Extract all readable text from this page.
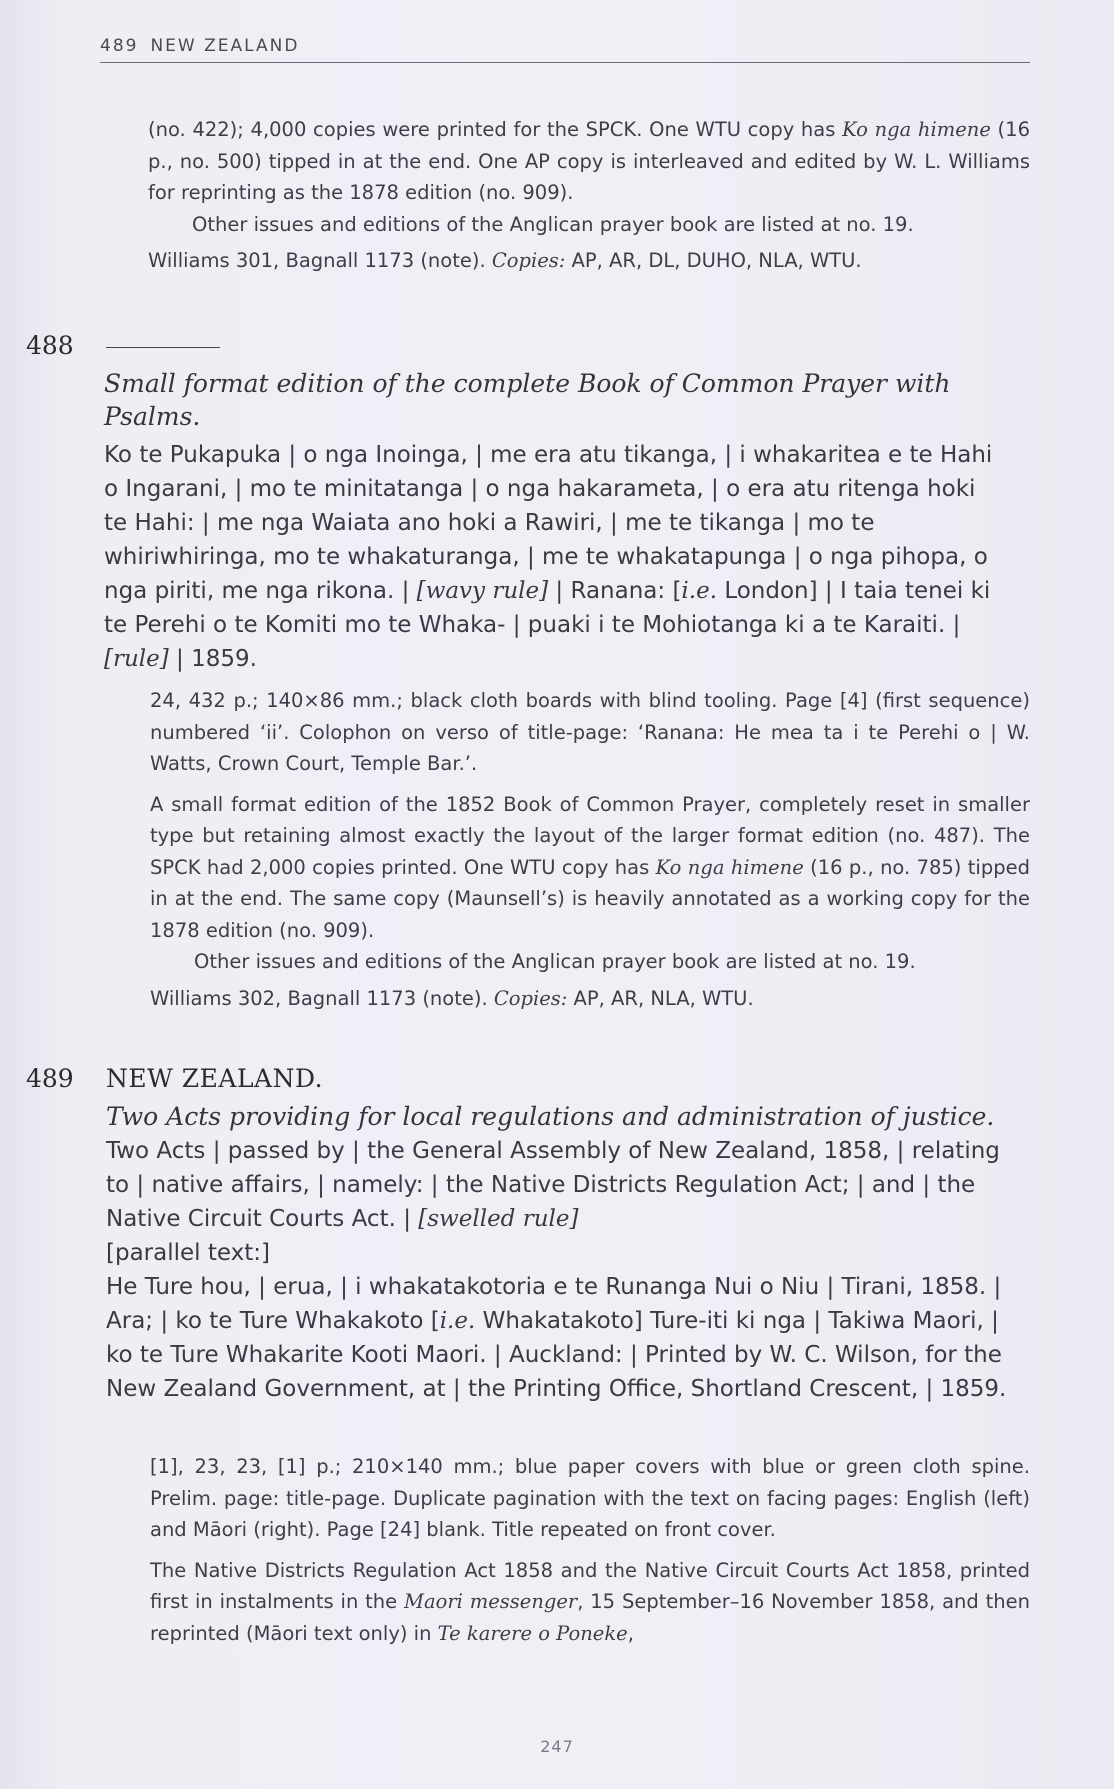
489 NEW ZEALAND

(no. 422); 4,000 copies were printed for the SPCK. One WTU copy has Ko nga himene (16 p., no. 500) tipped in at the end. One AP copy is interleaved and edited by W. L. Williams for reprinting as the 1878 edition (no. 909).

Other issues and editions of the Anglican prayer book are listed at no. 19.

Williams 301, Bagnall 1173 (note). Copies: AP, AR, DL, DUHO, NLA, WTU.

488

Small format edition of the complete Book of Common Prayer with Psalms.

Ko te Pukapuka | o nga Inoinga, | me era atu tikanga, | i whakaritea e te Hahi o Ingarani, | mo te minitatanga | o nga hakarameta, | o era atu ritenga hoki te Hahi: | me nga Waiata ano hoki a Rawiri, | me te tikanga | mo te whiriwhiringa, mo te whakaturanga, | me te whakatapunga | o nga pihopa, o nga piriti, me nga rikona. | [wavy rule] | Ranana: [i.e. London] | I taia tenei ki te Perehi o te Komiti mo te Whaka- | puaki i te Mohiotanga ki a te Karaiti. | [rule] | 1859.

24, 432 p.; 140×86 mm.; black cloth boards with blind tooling. Page [4] (first sequence) numbered ‘ii’. Colophon on verso of title-page: ‘Ranana: He mea ta i te Perehi o | W. Watts, Crown Court, Temple Bar.’.

A small format edition of the 1852 Book of Common Prayer, completely reset in smaller type but retaining almost exactly the layout of the larger format edition (no. 487). The SPCK had 2,000 copies printed. One WTU copy has Ko nga himene (16 p., no. 785) tipped in at the end. The same copy (Maunsell’s) is heavily annotated as a working copy for the 1878 edition (no. 909).

Other issues and editions of the Anglican prayer book are listed at no. 19.

Williams 302, Bagnall 1173 (note). Copies: AP, AR, NLA, WTU.

489 NEW ZEALAND.

Two Acts providing for local regulations and administration of justice.

Two Acts | passed by | the General Assembly of New Zealand, 1858, | relating to | native affairs, | namely: | the Native Districts Regulation Act; | and | the Native Circuit Courts Act. | [swelled rule]

[parallel text:]

He Ture hou, | erua, | i whakatakotoria e te Runanga Nui o Niu | Tirani, 1858. | Ara; | ko te Ture Whakakoto [i.e. Whakatakoto] Ture-iti ki nga | Takiwa Maori, | ko te Ture Whakarite Kooti Maori. | Auckland: | Printed by W. C. Wilson, for the New Zealand Government, at | the Printing Office, Shortland Crescent, | 1859.

[1], 23, 23, [1] p.; 210×140 mm.; blue paper covers with blue or green cloth spine. Prelim. page: title-page. Duplicate pagination with the text on facing pages: English (left) and Māori (right). Page [24] blank. Title repeated on front cover.

The Native Districts Regulation Act 1858 and the Native Circuit Courts Act 1858, printed first in instalments in the Maori messenger, 15 September–16 November 1858, and then reprinted (Māori text only) in Te karere o Poneke,

247
